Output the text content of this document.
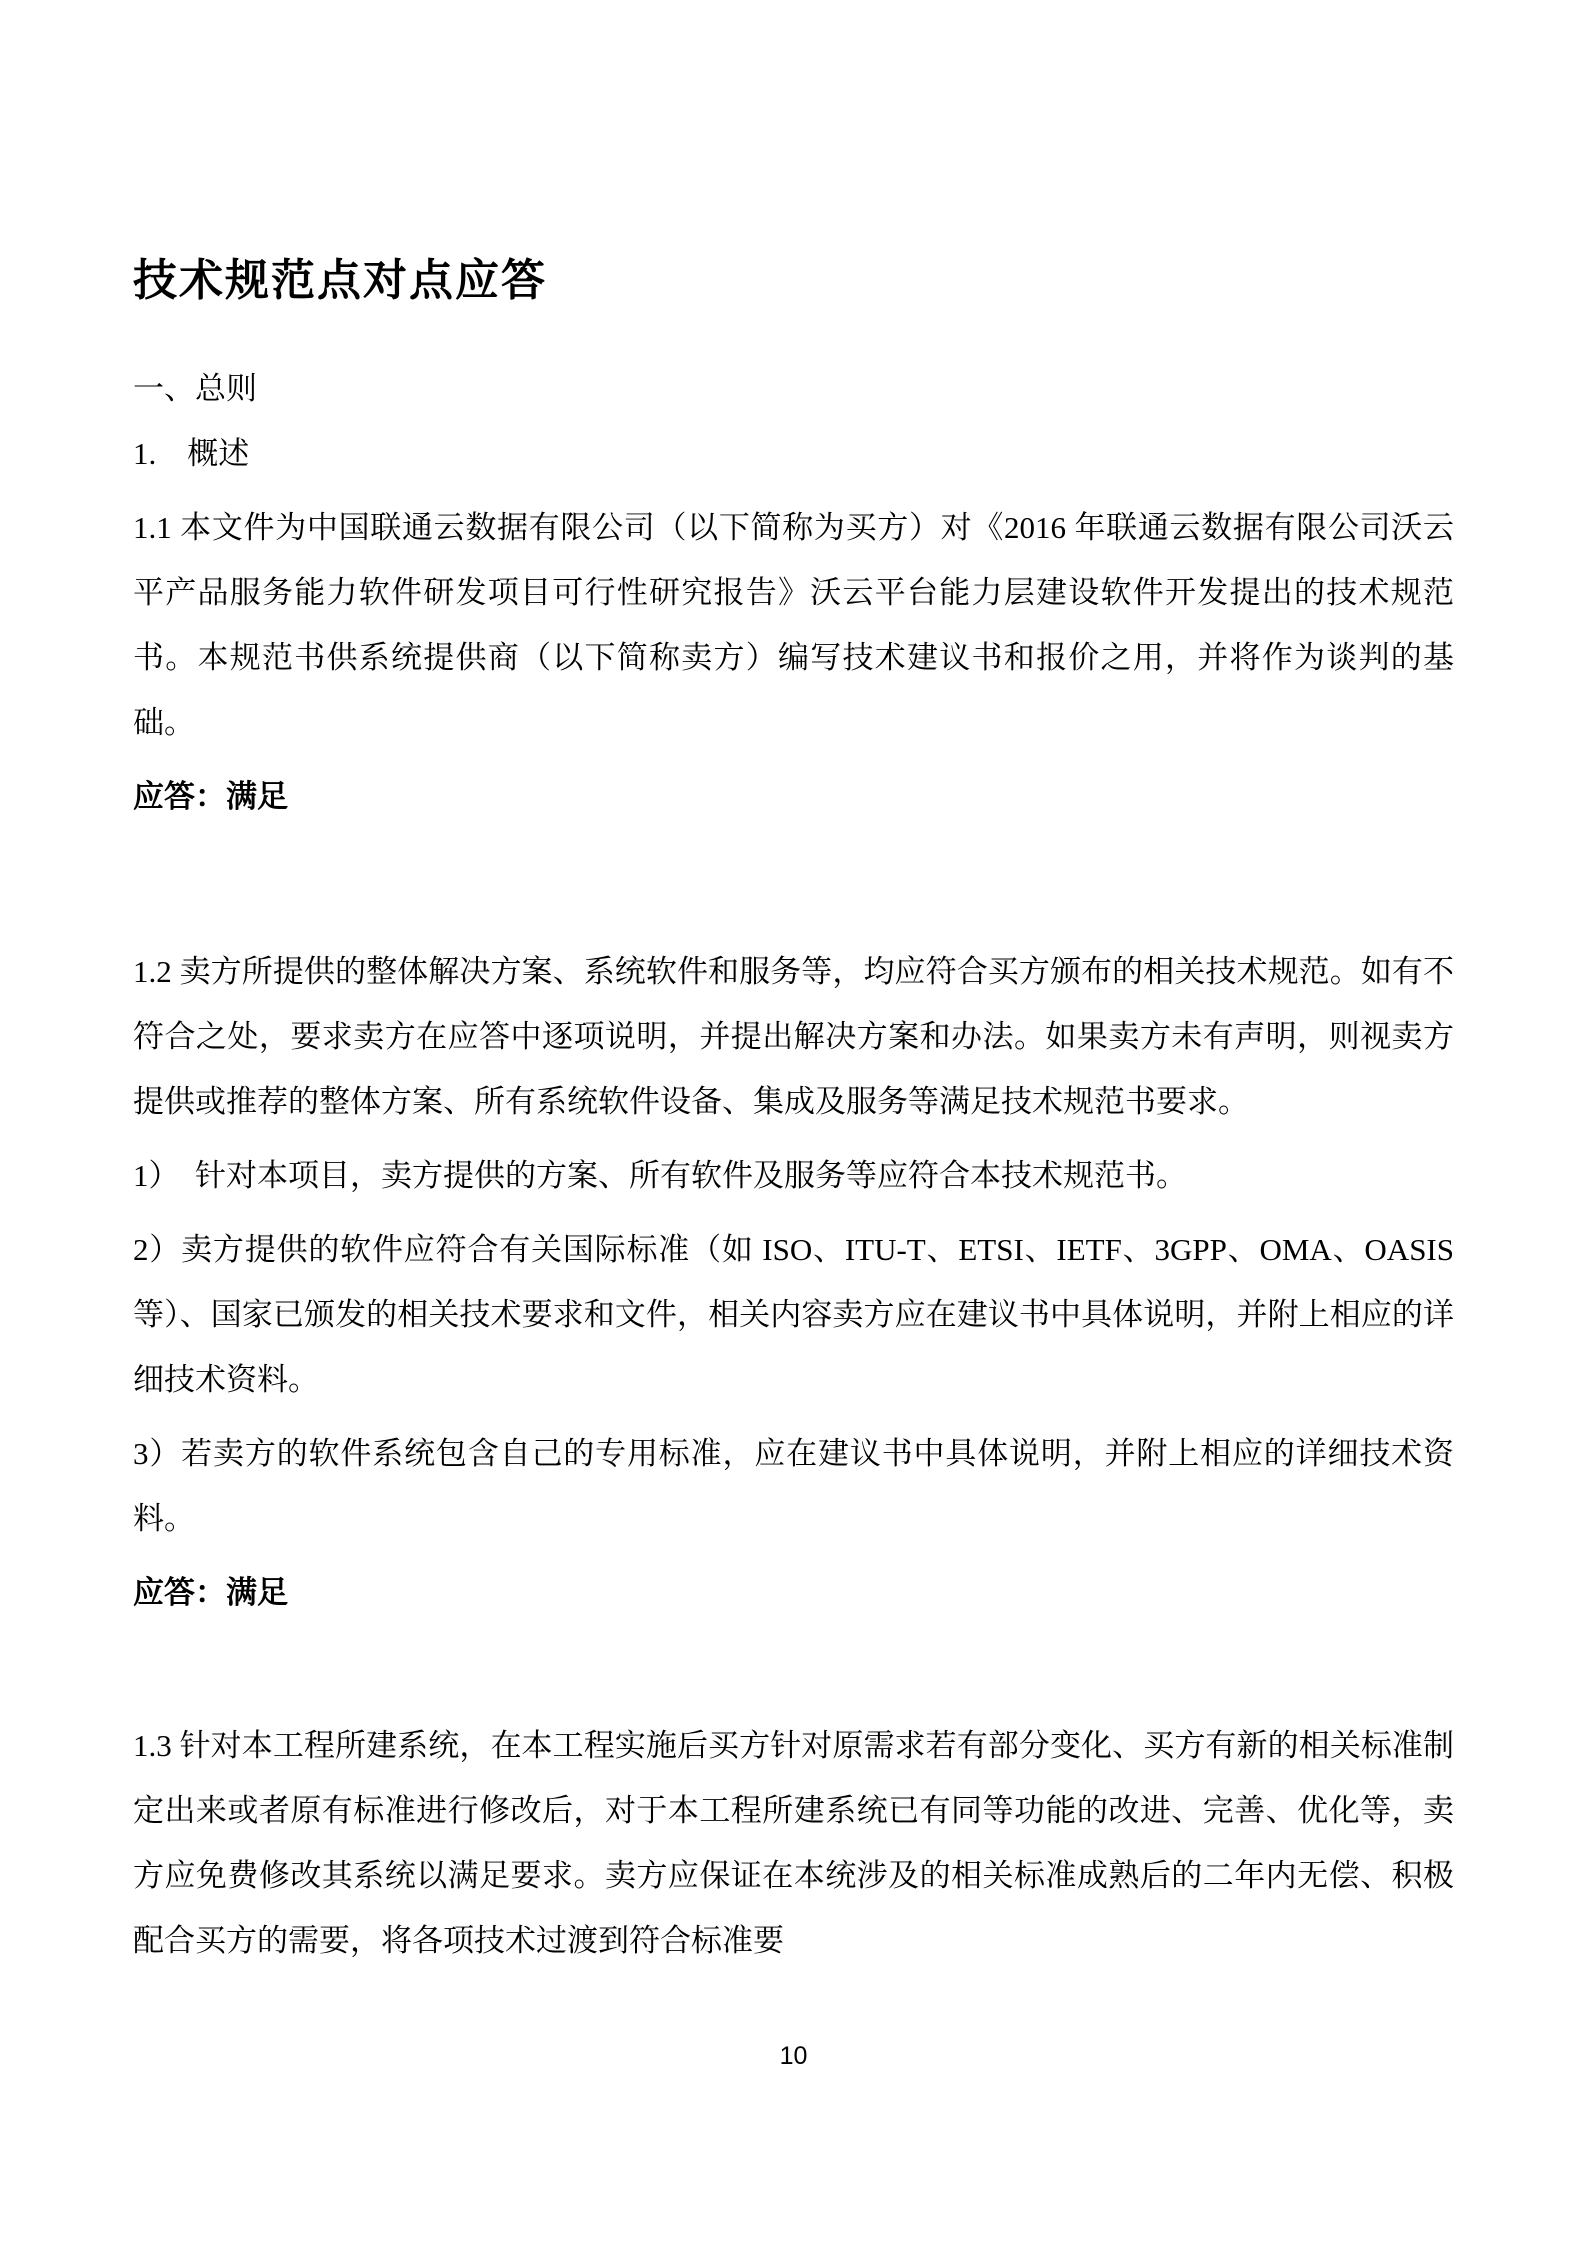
技术规范点对点应答

一、总则

1.　概述

1.1 本文件为中国联通云数据有限公司（以下简称为买方）对《2016 年联通云数据有限公司沃云平产品服务能力软件研发项目可行性研究报告》沃云平台能力层建设软件开发提出的技术规范书。本规范书供系统提供商（以下简称卖方）编写技术建议书和报价之用，并将作为谈判的基础。

应答：满足

1.2 卖方所提供的整体解决方案、系统软件和服务等，均应符合买方颁布的相关技术规范。如有不符合之处，要求卖方在应答中逐项说明，并提出解决方案和办法。如果卖方未有声明，则视卖方提供或推荐的整体方案、所有系统软件设备、集成及服务等满足技术规范书要求。

1）　针对本项目，卖方提供的方案、所有软件及服务等应符合本技术规范书。

2）卖方提供的软件应符合有关国际标准（如 ISO、ITU-T、ETSI、IETF、3GPP、OMA、OASIS 等）、国家已颁发的相关技术要求和文件，相关内容卖方应在建议书中具体说明，并附上相应的详细技术资料。

3）若卖方的软件系统包含自己的专用标准，应在建议书中具体说明，并附上相应的详细技术资料。

应答：满足

1.3 针对本工程所建系统，在本工程实施后买方针对原需求若有部分变化、买方有新的相关标准制定出来或者原有标准进行修改后，对于本工程所建系统已有同等功能的改进、完善、优化等，卖方应免费修改其系统以满足要求。卖方应保证在本统涉及的相关标准成熟后的二年内无偿、积极配合买方的需要，将各项技术过渡到符合标准要

10
